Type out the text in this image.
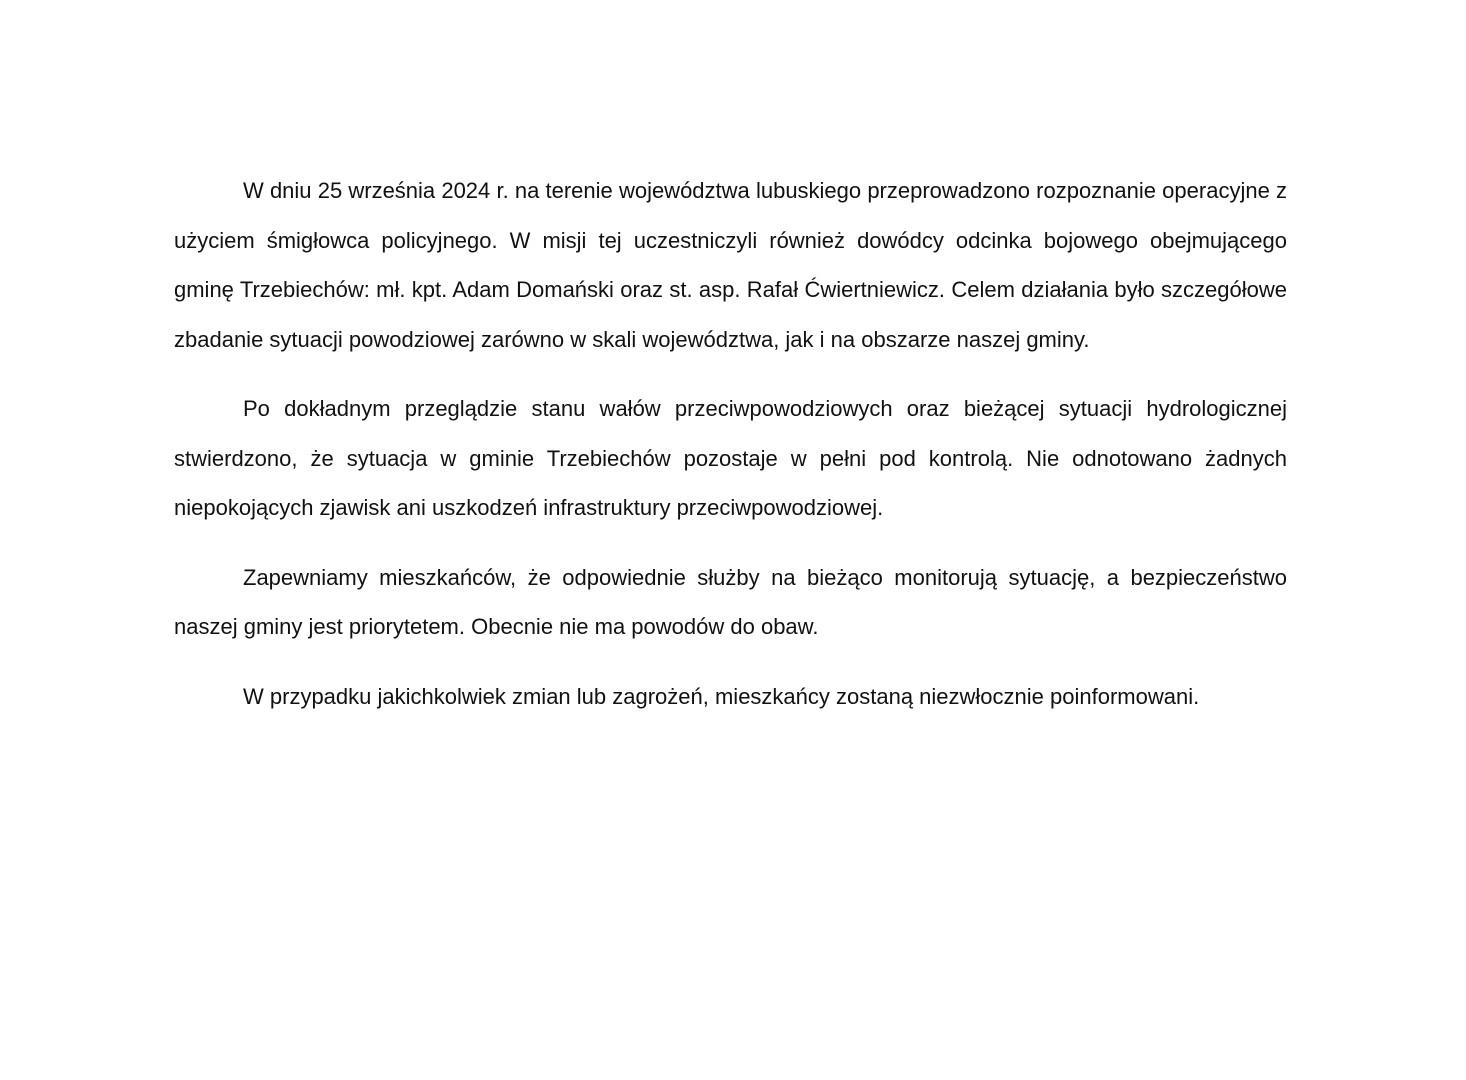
W dniu 25 września 2024 r. na terenie województwa lubuskiego przeprowadzono rozpoznanie operacyjne z użyciem śmigłowca policyjnego. W misji tej uczestniczyli również dowódcy odcinka bojowego obejmującego gminę Trzebiechów: mł. kpt. Adam Domański oraz st. asp. Rafał Ćwiertniewicz. Celem działania było szczegółowe zbadanie sytuacji powodziowej zarówno w skali województwa, jak i na obszarze naszej gminy.

Po dokładnym przeglądzie stanu wałów przeciwpowodziowych oraz bieżącej sytuacji hydrologicznej stwierdzono, że sytuacja w gminie Trzebiechów pozostaje w pełni pod kontrolą. Nie odnotowano żadnych niepokojących zjawisk ani uszkodzeń infrastruktury przeciwpowodziowej.

Zapewniamy mieszkańców, że odpowiednie służby na bieżąco monitorują sytuację, a bezpieczeństwo naszej gminy jest priorytetem. Obecnie nie ma powodów do obaw.

W przypadku jakichkolwiek zmian lub zagrożeń, mieszkańcy zostaną niezwłocznie poinformowani.
